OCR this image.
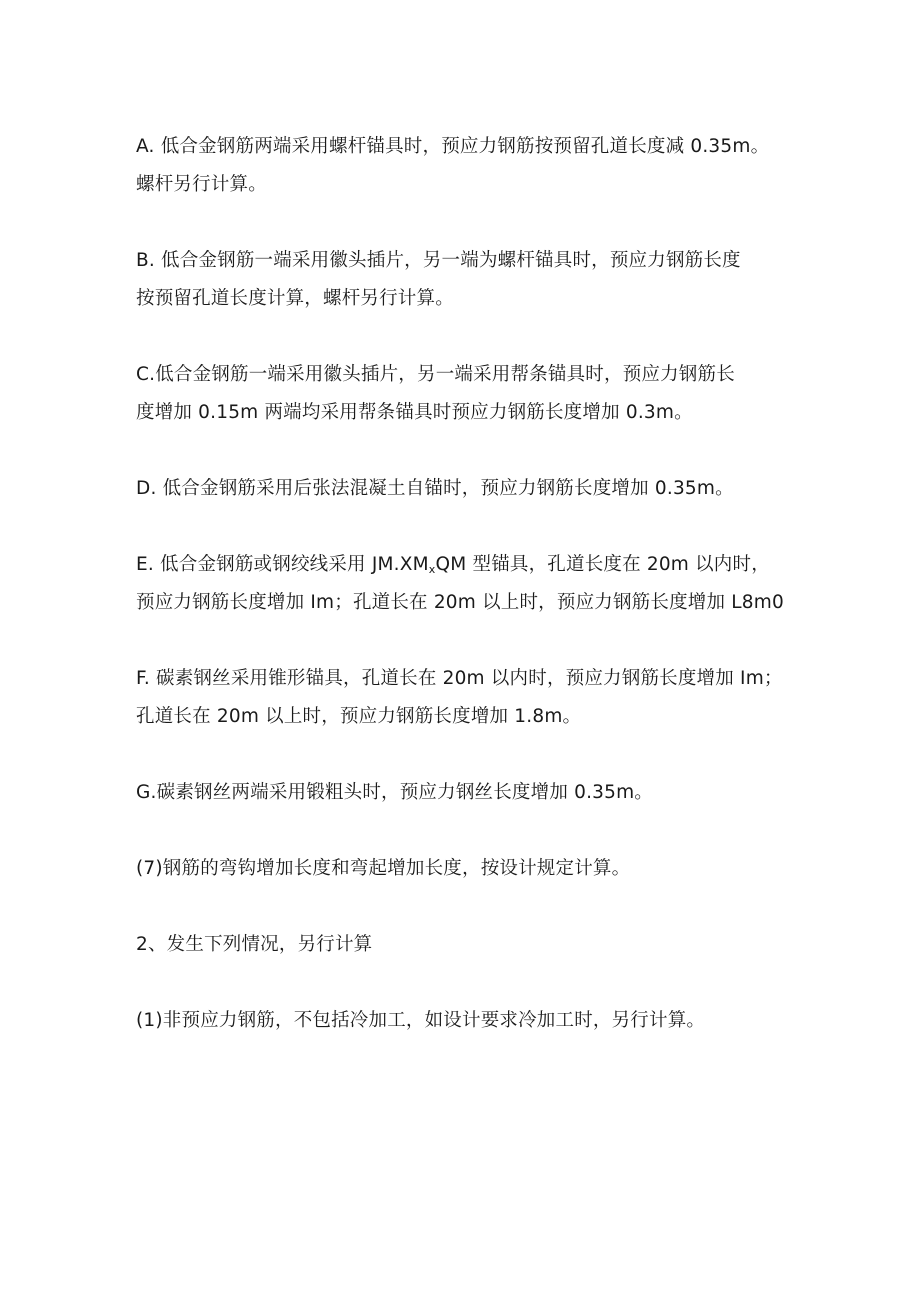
A. 低合金钢筋两端采用螺杆锚具时，预应力钢筋按预留孔道长度减 0.35m。
螺杆另行计算。

B. 低合金钢筋一端采用徽头插片，另一端为螺杆锚具时，预应力钢筋长度
按预留孔道长度计算，螺杆另行计算。

C.低合金钢筋一端采用徽头插片，另一端采用帮条锚具时，预应力钢筋长
度增加 0.15m 两端均采用帮条锚具时预应力钢筋长度增加 0.3m。

D. 低合金钢筋采用后张法混凝土自锚时，预应力钢筋长度增加 0.35m。

E. 低合金钢筋或钢绞线采用 $JM.XM_xQM$ 型锚具，孔道长度在 20m 以内时，
预应力钢筋长度增加 Im；孔道长在 20m 以上时，预应力钢筋长度增加 L8m0

F. 碳素钢丝采用锥形锚具，孔道长在 20m 以内时，预应力钢筋长度增加 Im；
孔道长在 20m 以上时，预应力钢筋长度增加 1.8m。

G.碳素钢丝两端采用锻粗头时，预应力钢丝长度增加 0.35m。

(7)钢筋的弯钩增加长度和弯起增加长度，按设计规定计算。

2、发生下列情况，另行计算

(1)非预应力钢筋，不包括冷加工，如设计要求冷加工时，另行计算。
